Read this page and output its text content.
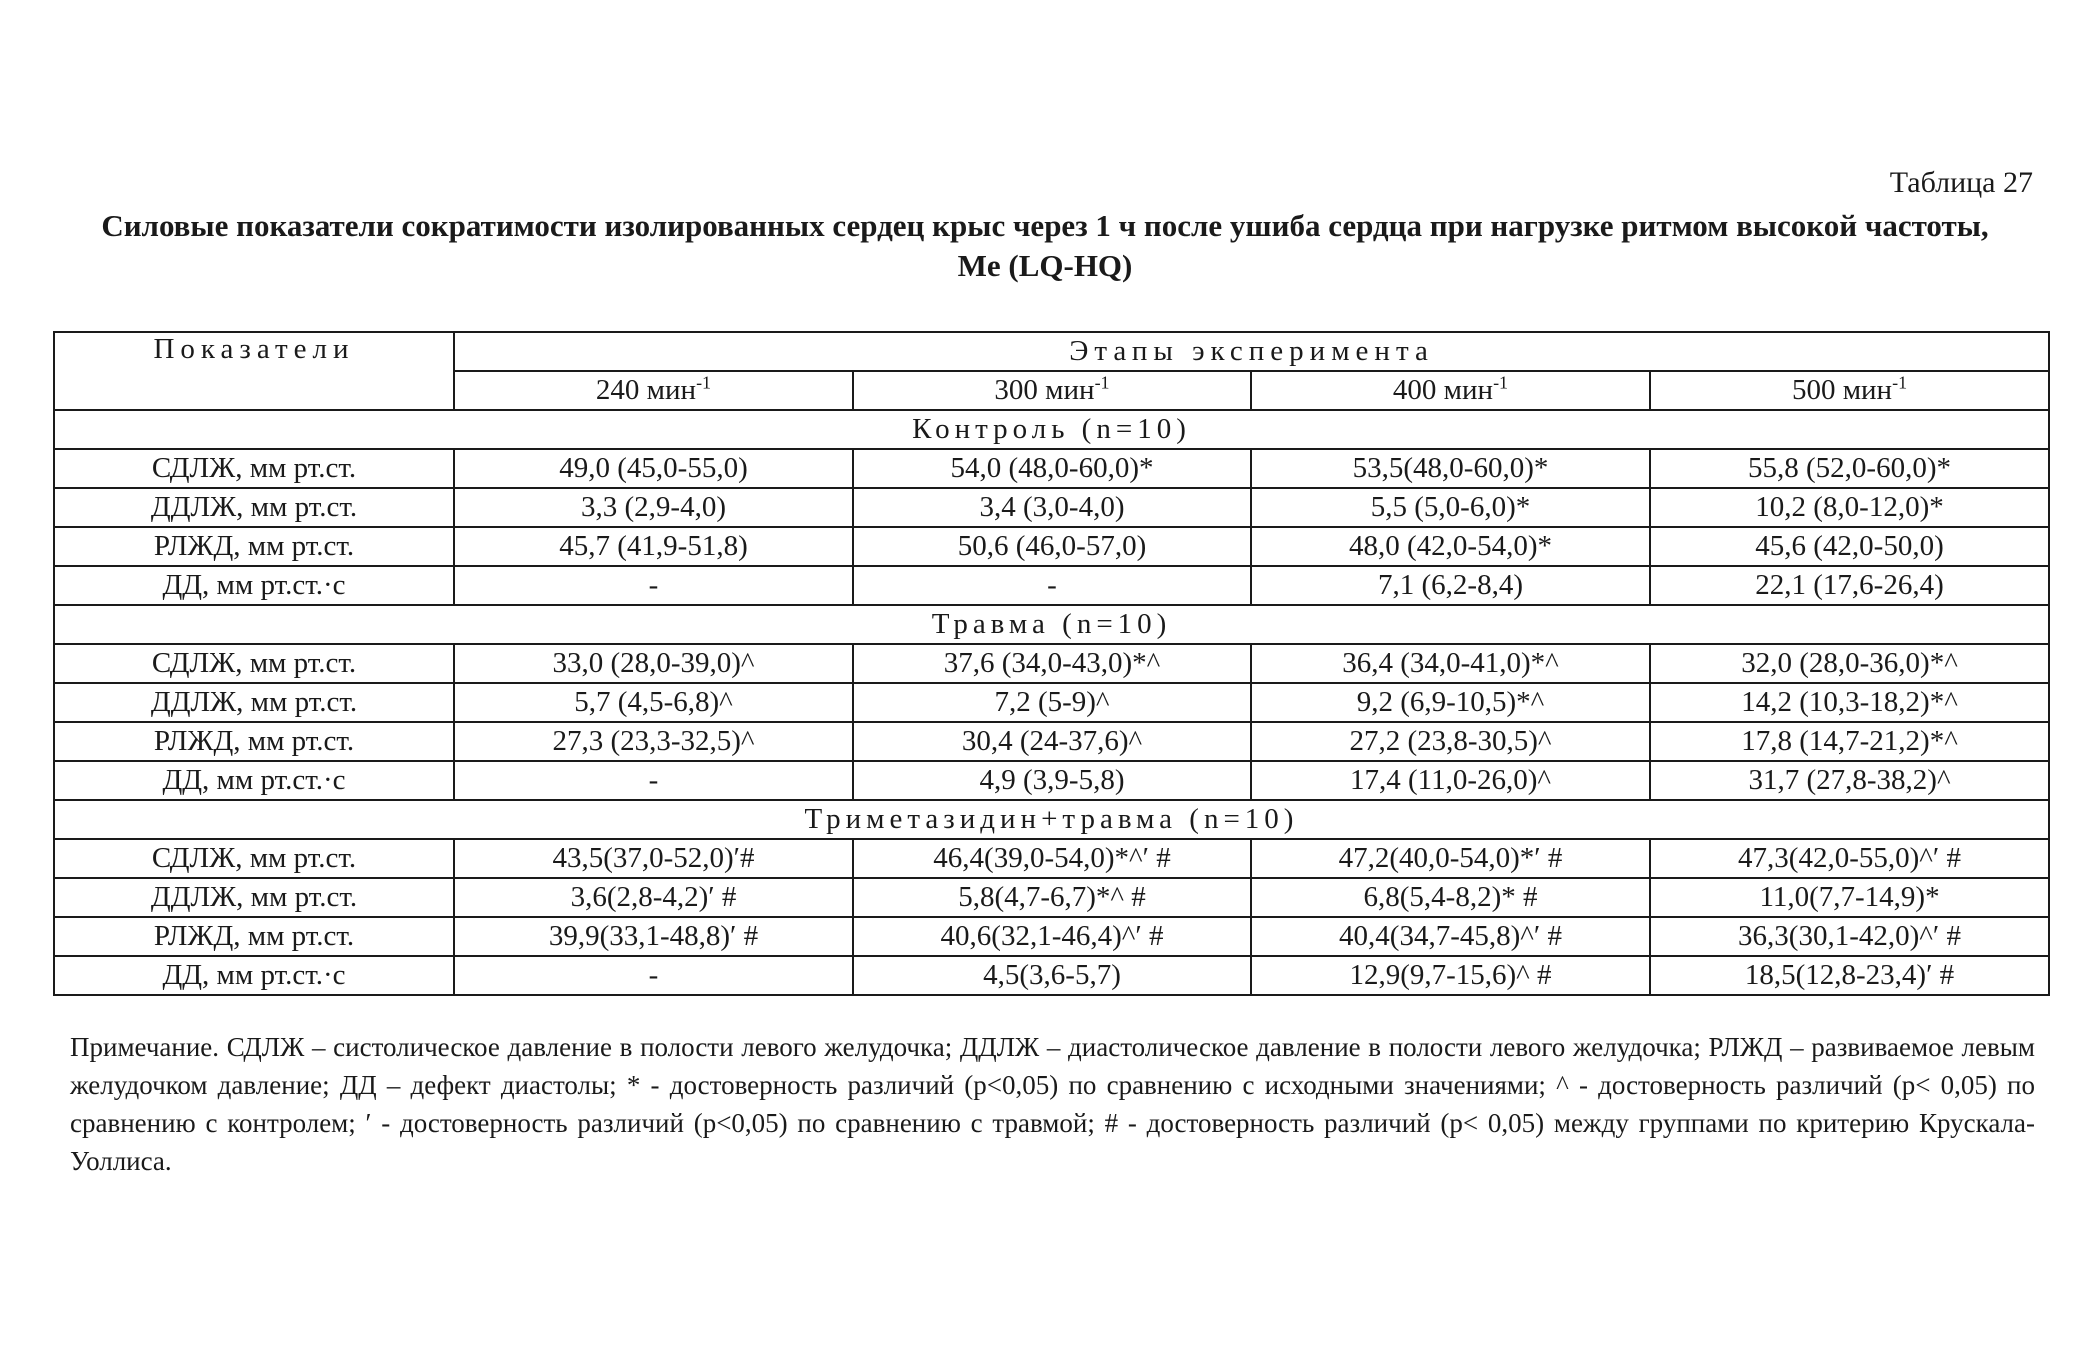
Таблица 27
Силовые показатели сократимости изолированных сердец крыс через 1 ч после ушиба сердца при нагрузке ритмом высокой частоты, Me (LQ-HQ)
Показатели	Этапы эксперимента			
	240 мин$^{-1}$	300 мин$^{-1}$	400 мин$^{-1}$	500 мин$^{-1}$
Контроль (n=10)				
СДЛЖ, мм рт.ст.	49,0 (45,0-55,0)	54,0 (48,0-60,0)*	53,5(48,0-60,0)*	55,8 (52,0-60,0)*
ДДЛЖ, мм рт.ст.	3,3 (2,9-4,0)	3,4 (3,0-4,0)	5,5 (5,0-6,0)*	10,2 (8,0-12,0)*
РЛЖД, мм рт.ст.	45,7 (41,9-51,8)	50,6 (46,0-57,0)	48,0 (42,0-54,0)*	45,6 (42,0-50,0)
ДД, мм рт.ст.·с	-	-	7,1 (6,2-8,4)	22,1 (17,6-26,4)
Травма (n=10)				
СДЛЖ, мм рт.ст.	33,0 (28,0-39,0)^	37,6 (34,0-43,0)*^	36,4 (34,0-41,0)*^	32,0 (28,0-36,0)*^
ДДЛЖ, мм рт.ст.	5,7 (4,5-6,8)^	7,2 (5-9)^	9,2 (6,9-10,5)*^	14,2 (10,3-18,2)*^
РЛЖД, мм рт.ст.	27,3 (23,3-32,5)^	30,4 (24-37,6)^	27,2 (23,8-30,5)^	17,8 (14,7-21,2)*^
ДД, мм рт.ст.·с	-	4,9 (3,9-5,8)	17,4 (11,0-26,0)^	31,7 (27,8-38,2)^
Триметазидин+травма (n=10)				
СДЛЖ, мм рт.ст.	43,5(37,0-52,0)′#	46,4(39,0-54,0)*^′ #	47,2(40,0-54,0)*′ #	47,3(42,0-55,0)^′ #
ДДЛЖ, мм рт.ст.	3,6(2,8-4,2)′ #	5,8(4,7-6,7)*^ #	6,8(5,4-8,2)* #	11,0(7,7-14,9)*
РЛЖД, мм рт.ст.	39,9(33,1-48,8)′ #	40,6(32,1-46,4)^′ #	40,4(34,7-45,8)^′ #	36,3(30,1-42,0)^′ #
ДД, мм рт.ст.·с	-	4,5(3,6-5,7)	12,9(9,7-15,6)^ #	18,5(12,8-23,4)′ #
Примечание. СДЛЖ – систолическое давление в полости левого желудочка; ДДЛЖ – диастолическое давление в полости левого желудочка; РЛЖД – развиваемое левым желудочком давление; ДД – дефект диастолы; * - достоверность различий (р<0,05) по сравнению с исходными значениями; ^ - достоверность различий (р< 0,05) по сравнению с контролем; ′ - достоверность различий (р<0,05) по сравнению с травмой; # - достоверность различий (р< 0,05) между группами по критерию Крускала-Уоллиса.
